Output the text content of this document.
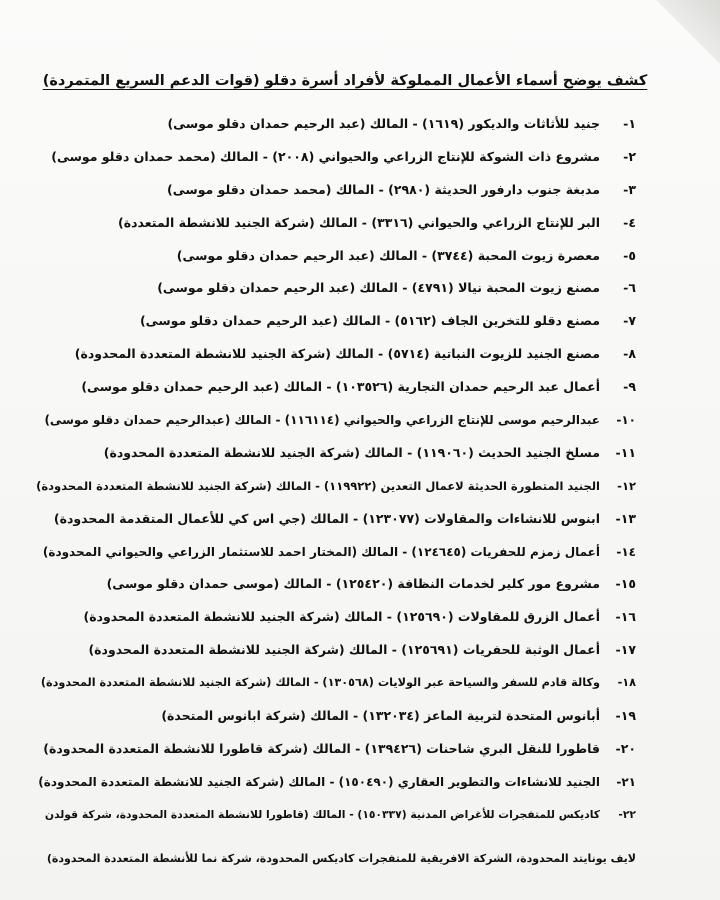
كشف يوضح أسماء الأعمال المملوكة لأفراد أسرة دقلو (قوات الدعم السريع المتمردة)
١-
جنيد للأثاثات والديكور (١٦١٩) - المالك (عبد الرحيم حمدان دقلو موسى)
٢-
مشروع ذات الشوكة للإنتاج الزراعي والحيواني (٢٠٠٨) - المالك (محمد حمدان دقلو موسى)
٣-
مدبغة جنوب دارفور الحديثة (٢٩٨٠) - المالك (محمد حمدان دقلو موسى)
٤-
البر للإنتاج الزراعي والحيواني (٣٣١٦) - المالك (شركة الجنيد للانشطة المتعددة)
٥-
معصرة زيوت المحبة (٣٧٤٤) - المالك (عبد الرحيم حمدان دقلو موسى)
٦-
مصنع زيوت المحبة نيالا (٤٧٩١) - المالك (عبد الرحيم حمدان دقلو موسى)
٧-
مصنع دقلو للتخرين الجاف (٥١٦٢) - المالك (عبد الرحيم حمدان دقلو موسى)
٨-
مصنع الجنيد للزيوت النباتية (٥٧١٤) - المالك (شركة الجنيد للانشطة المتعددة المحدودة)
٩-
أعمال عبد الرحيم حمدان التجارية (١٠٣٥٢٦) - المالك (عبد الرحيم حمدان دقلو موسى)
١٠-
عبدالرحيم موسى للإنتاج الزراعي والحيواني (١١٦١١٤) - المالك (عبدالرحيم حمدان دقلو موسى)
١١-
مسلخ الجنيد الحديث (١١٩٠٦٠) - المالك (شركة الجنيد للانشطة المتعددة المحدودة)
١٢-
الجنيد المتطورة الحديثة لاعمال التعدين (١١٩٩٢٢) - المالك (شركة الجنيد للانشطة المتعددة المحدودة)
١٣-
ابنوس للانشاءات والمقاولات (١٢٣٠٧٧) - المالك (جي اس كي للأعمال المتقدمة المحدودة)
١٤-
أعمال زمزم للحفريات (١٢٤٦٤٥) - المالك (المختار احمد للاستثمار الزراعي والحيواني المحدودة)
١٥-
مشروع مور كلير لخدمات النظافة (١٢٥٤٢٠) - المالك (موسى حمدان دقلو موسى)
١٦-
أعمال الزرق للمقاولات (١٢٥٦٩٠) - المالك (شركة الجنيد للانشطة المتعددة المحدودة)
١٧-
أعمال الوثبة للحفريات (١٢٥٦٩١) - المالك (شركة الجنيد للانشطة المتعددة المحدودة)
١٨-
وكالة قادم للسفر والسياحة عبر الولايات (١٣٠٥٦٨) - المالك (شركة الجنيد للانشطة المتعددة المحدودة)
١٩-
أبانوس المتحدة لتربية الماعز (١٣٢٠٣٤) - المالك (شركة ابانوس المتحدة)
٢٠-
قاطورا للنقل البري شاحنات (١٣٩٤٢٦) - المالك (شركة قاطورا للانشطة المتعددة المحدودة)
٢١-
الجنيد للانشاءات والتطوير العقاري (١٥٠٤٩٠) - المالك (شركة الجنيد للانشطة المتعددة المحدودة)
٢٢-
كاديكس للمتفجرات للأغراض المدنية (١٥٠٣٣٧) - المالك (قاطورا للانشطة المتعددة المحدودة، شركة قولدن
لايف يونايتد المحدودة، الشركة الافريقية للمتفجرات كاديكس المحدودة، شركة نما للأنشطة المتعددة المحدودة)
